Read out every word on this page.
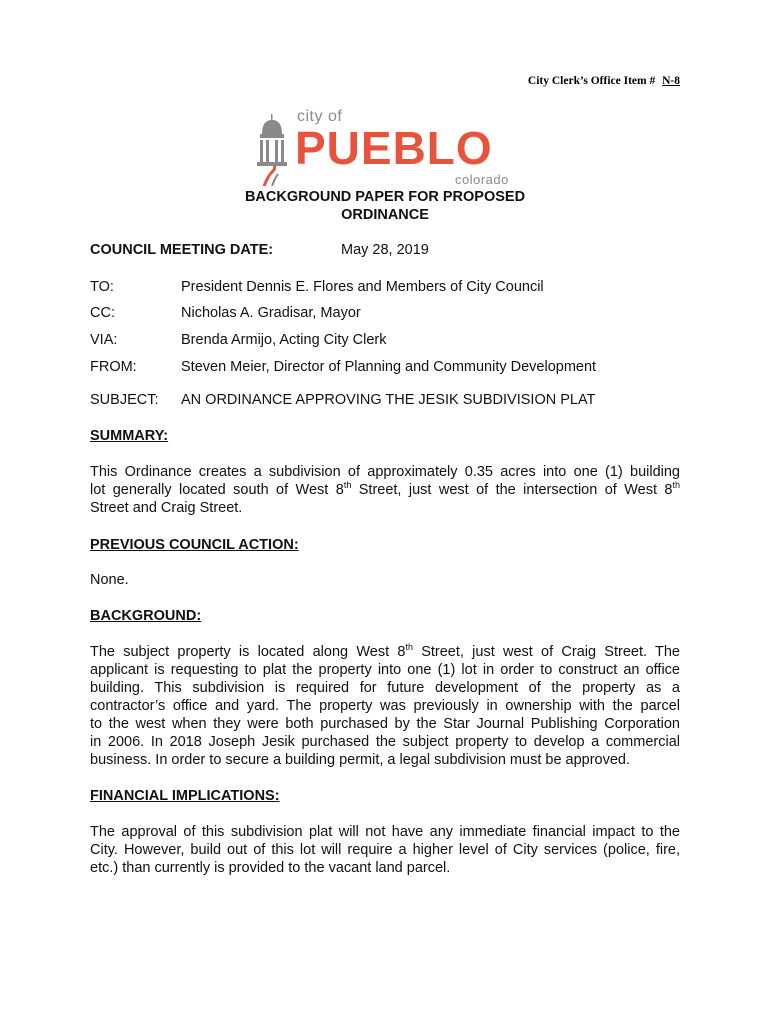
City Clerk’s Office Item # N-8
city of
PUEBLO
colorado
BACKGROUND PAPER FOR PROPOSED
ORDINANCE
COUNCIL MEETING DATE:	May 28, 2019
TO:	President Dennis E. Flores and Members of City Council
CC:	Nicholas A. Gradisar, Mayor
VIA:	Brenda Armijo, Acting City Clerk
FROM:	Steven Meier, Director of Planning and Community Development
SUBJECT: AN ORDINANCE APPROVING THE JESIK SUBDIVISION PLAT
SUMMARY:
This Ordinance creates a subdivision of approximately 0.35 acres into one (1) building
lot generally located south of West 8th Street, just west of the intersection of West 8th
Street and Craig Street.
PREVIOUS COUNCIL ACTION:
None.
BACKGROUND:
The subject property is located along West 8th Street, just west of Craig Street. The
applicant is requesting to plat the property into one (1) lot in order to construct an office
building. This subdivision is required for future development of the property as a
contractor’s office and yard. The property was previously in ownership with the parcel
to the west when they were both purchased by the Star Journal Publishing Corporation
in 2006. In 2018 Joseph Jesik purchased the subject property to develop a commercial
business. In order to secure a building permit, a legal subdivision must be approved.
FINANCIAL IMPLICATIONS:
The approval of this subdivision plat will not have any immediate financial impact to the
City. However, build out of this lot will require a higher level of City services (police, fire,
etc.) than currently is provided to the vacant land parcel.
